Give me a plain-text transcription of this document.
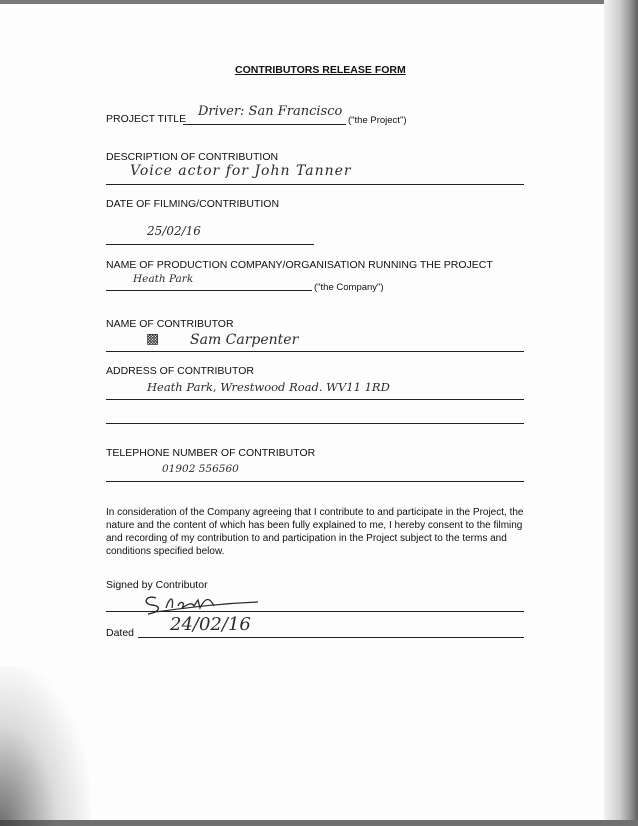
CONTRIBUTORS RELEASE FORM
PROJECT TITLE Driver: San Francisco
("the Project")
DESCRIPTION OF CONTRIBUTION
Voice actor for John Tanner
DATE OF FILMING/CONTRIBUTION
25/02/16
NAME OF PRODUCTION COMPANY/ORGANISATION RUNNING THE PROJECT
Heath Park
("the Company")
NAME OF CONTRIBUTOR
▩ Sam Carpenter
ADDRESS OF CONTRIBUTOR
Heath Park, Wrestwood Road. WV11 1RD
TELEPHONE NUMBER OF CONTRIBUTOR
01902 556560
In consideration of the Company agreeing that I contribute to and participate in the Project, the nature and the content of which has been fully explained to me, I hereby consent to the filming and recording of my contribution to and participation in the Project subject to the terms and conditions specified below.
Signed by Contributor
Dated 24/02/16
